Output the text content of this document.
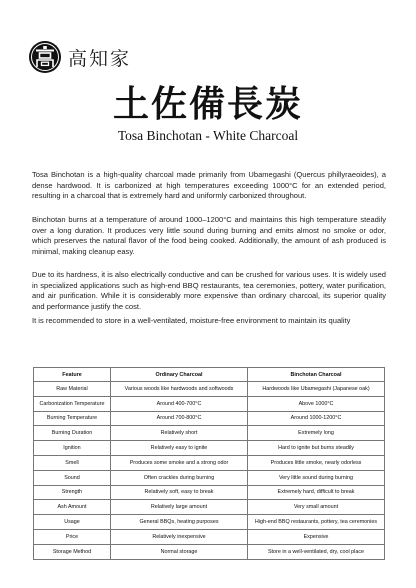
高知家
土佐備長炭
Tosa Binchotan - White Charcoal

Tosa Binchotan is a high-quality charcoal made primarily from Ubamegashi (Quercus phillyraeoides), a dense hardwood. It is carbonized at high temperatures exceeding 1000°C for an extended period, resulting in a charcoal that is extremely hard and uniformly carbonized throughout.

Binchotan burns at a temperature of around 1000–1200°C and maintains this high temperature steadily over a long duration. It produces very little sound during burning and emits almost no smoke or odor, which preserves the natural flavor of the food being cooked. Additionally, the amount of ash produced is minimal, making cleanup easy.

Due to its hardness, it is also electrically conductive and can be crushed for various uses. It is widely used in specialized applications such as high-end BBQ restaurants, tea ceremonies, pottery, water purification, and air purification. While it is considerably more expensive than ordinary charcoal, its superior quality and performance justify the cost.

It is recommended to store in a well-ventilated, moisture-free environment to maintain its quality

Feature	Ordinary Charcoal	Binchotan Charcoal
Raw Material	Various woods like hardwoods and softwoods	Hardwoods like Ubamegashi (Japanese oak)
Carbonization Temperature	Around 400-700°C	Above 1000°C
Burning Temperature	Around 700-800°C	Around 1000-1200°C
Burning Duration	Relatively short	Extremely long
Ignition	Relatively easy to ignite	Hard to ignite but burns steadily
Smell	Produces some smoke and a strong odor	Produces little smoke, nearly odorless
Sound	Often crackles during burning	Very little sound during burning
Strength	Relatively soft, easy to break	Extremely hard, difficult to break
Ash Amount	Relatively large amount	Very small amount
Usage	General BBQs, heating purposes	High-end BBQ restaurants, pottery, tea ceremonies
Price	Relatively inexpensive	Expensive
Storage Method	Normal storage	Store in a well-ventilated, dry, cool place
